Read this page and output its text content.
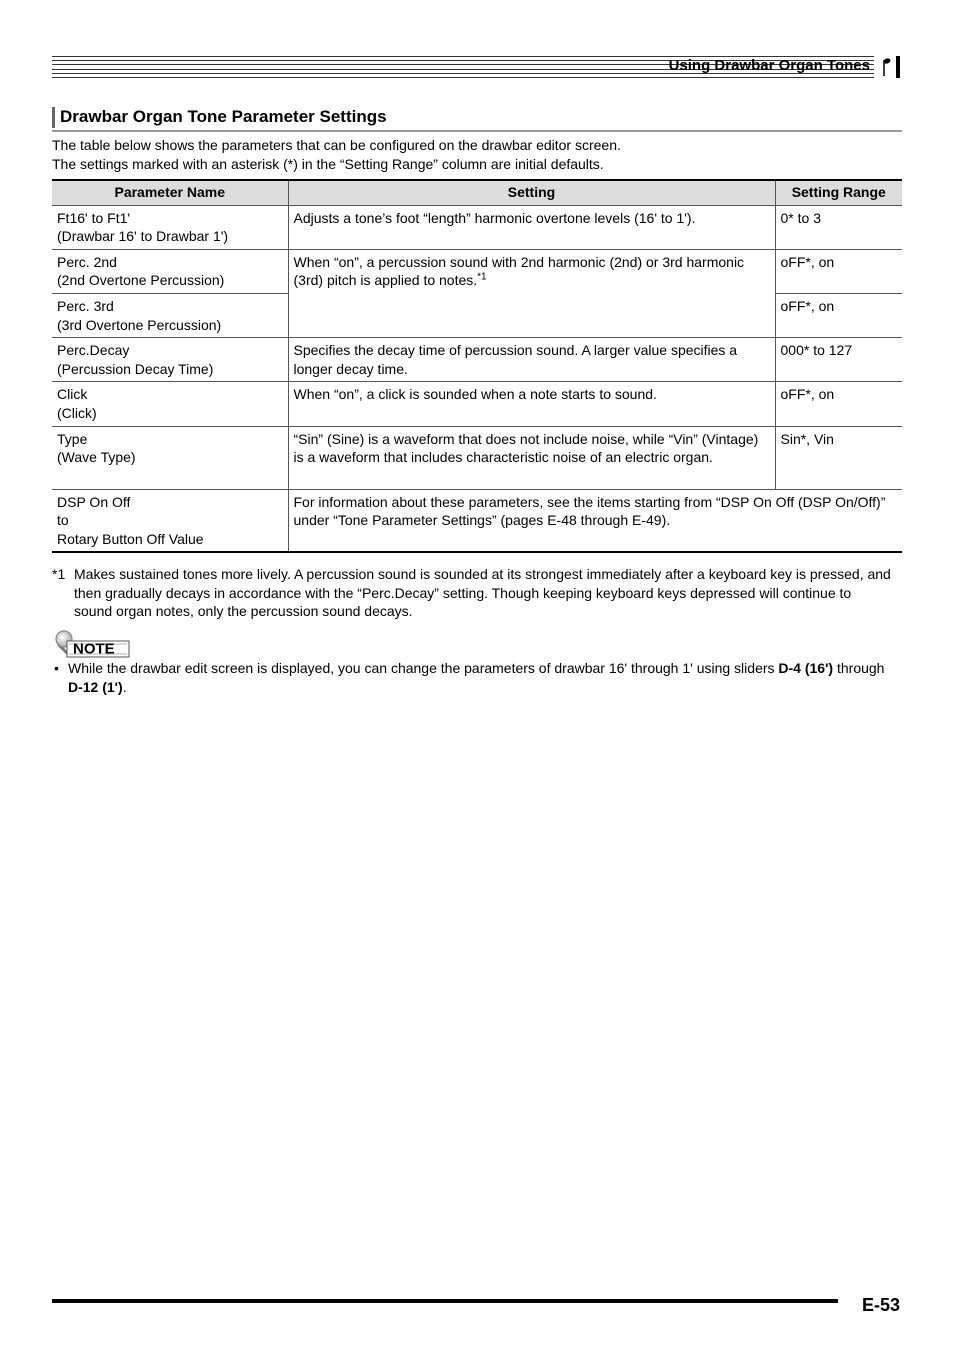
Using Drawbar Organ Tones
Drawbar Organ Tone Parameter Settings
The table below shows the parameters that can be configured on the drawbar editor screen.
The settings marked with an asterisk (*) in the “Setting Range” column are initial defaults.
Parameter Name	Setting	Setting Range

Ft16' to Ft1'
(Drawbar 16' to Drawbar 1')	Adjusts a tone’s foot “length” harmonic overtone levels (16' to 1').	0* to 3

Perc. 2nd
(2nd Overtone Percussion)	When “on”, a percussion sound with 2nd harmonic (2nd) or 3rd harmonic (3rd) pitch is applied to notes.$^{*1}$	oFF*, on

Perc. 3rd
(3rd Overtone Percussion)		oFF*, on

Perc.Decay
(Percussion Decay Time)	Specifies the decay time of percussion sound. A larger value specifies a longer decay time.	000* to 127

Click
(Click)	When “on”, a click is sounded when a note starts to sound.	oFF*, on

Type
(Wave Type)	“Sin” (Sine) is a waveform that does not include noise, while “Vin” (Vintage) is a waveform that includes characteristic noise of an electric organ.	Sin*, Vin

DSP On Off
to
Rotary Button Off Value	For information about these parameters, see the items starting from “DSP On Off (DSP On/Off)” under “Tone Parameter Settings” (pages E-48 through E-49).	
*1 Makes sustained tones more lively. A percussion sound is sounded at its strongest immediately after a keyboard key is pressed, and then gradually decays in accordance with the “Perc.Decay” setting. Though keeping keyboard keys depressed will continue to sound organ notes, only the percussion sound decays.
NOTE
• While the drawbar edit screen is displayed, you can change the parameters of drawbar 16' through 1' using sliders D-4 (16') through D-12 (1').
E-53
